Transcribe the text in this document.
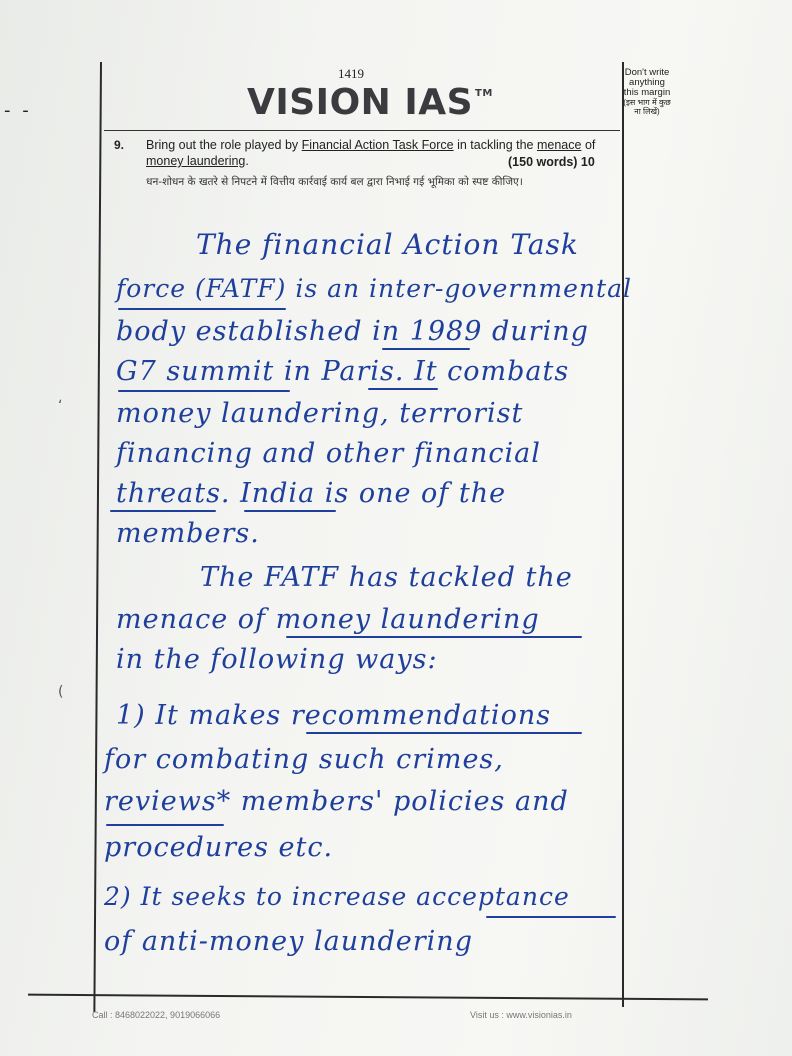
- -
1419
VISION IAS ™
Don't write anything this margin
(इस भाग में कुछ ना लिखें)
9. Bring out the role played by Financial Action Task Force in tackling the menace of money laundering.	(150 words) 10
धन-शोधन के खतरे से निपटने में वित्तीय कार्रवाई कार्य बल द्वारा निभाई गई भूमिका को स्पष्ट कीजिए।
The financial Action Task
force (FATF) is an inter-governmental
body established in 1989 during
G7 summit in Paris. It combats
money laundering, terrorist
financing and other financial
threats. India is one of the
members.
The FATF has tackled the
menace of money laundering
in the following ways:
1) It makes recommendations
for combating such crimes,
reviews* members' policies and
procedures etc.
2) It seeks to increase acceptance
of anti-money laundering
ʻ
(
Call : 8468022022, 9019066066	Visit us : www.visionias.in
